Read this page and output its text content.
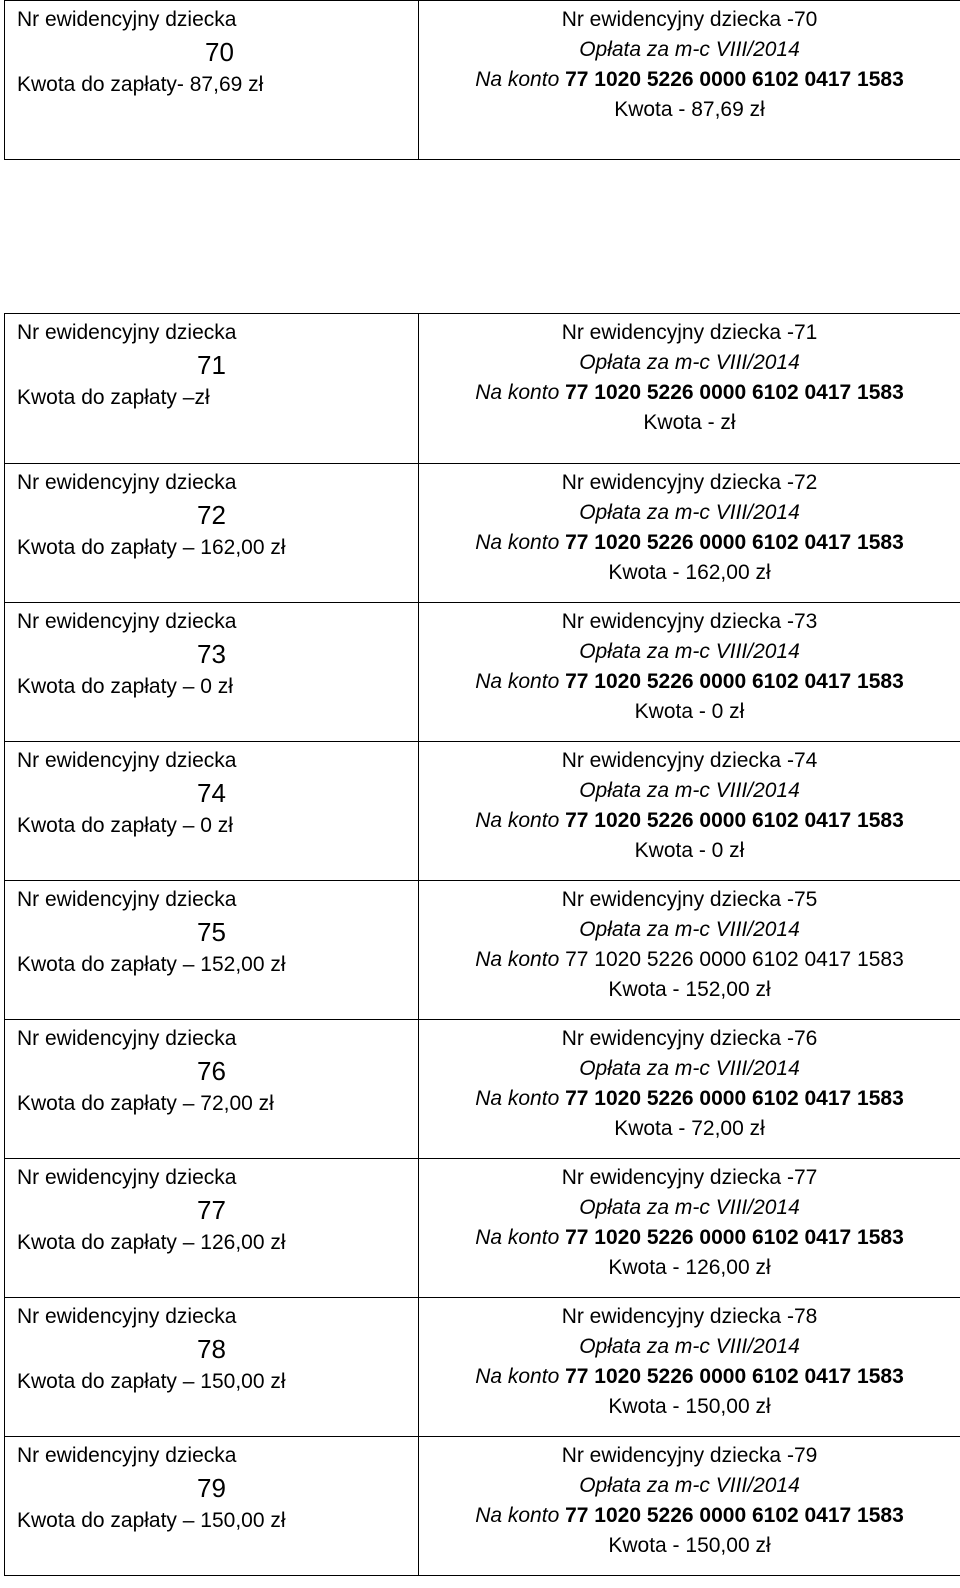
Nr ewidencyjny dziecka
70
Kwota do zapłaty- 87,69 zł

Nr ewidencyjny dziecka -70
Opłata za m-c VIII/2014
Na konto 77 1020 5226 0000 6102 0417 1583
Kwota - 87,69 zł
Nr ewidencyjny dziecka
71
Kwota do zapłaty –zł	Nr ewidencyjny dziecka -71
Opłata za m-c VIII/2014
Na konto 77 1020 5226 0000 6102 0417 1583
Kwota - zł

Nr ewidencyjny dziecka
72
Kwota do zapłaty – 162,00 zł	Nr ewidencyjny dziecka -72
Opłata za m-c VIII/2014
Na konto 77 1020 5226 0000 6102 0417 1583
Kwota - 162,00 zł

Nr ewidencyjny dziecka
73
Kwota do zapłaty – 0 zł	Nr ewidencyjny dziecka -73
Opłata za m-c VIII/2014
Na konto 77 1020 5226 0000 6102 0417 1583
Kwota - 0 zł

Nr ewidencyjny dziecka
74
Kwota do zapłaty – 0 zł	Nr ewidencyjny dziecka -74
Opłata za m-c VIII/2014
Na konto 77 1020 5226 0000 6102 0417 1583
Kwota - 0 zł

Nr ewidencyjny dziecka
75
Kwota do zapłaty – 152,00 zł	Nr ewidencyjny dziecka -75
Opłata za m-c VIII/2014
Na konto 77 1020 5226 0000 6102 0417 1583
Kwota - 152,00 zł

Nr ewidencyjny dziecka
76
Kwota do zapłaty – 72,00 zł	Nr ewidencyjny dziecka -76
Opłata za m-c VIII/2014
Na konto 77 1020 5226 0000 6102 0417 1583
Kwota - 72,00 zł

Nr ewidencyjny dziecka
77
Kwota do zapłaty – 126,00 zł	Nr ewidencyjny dziecka -77
Opłata za m-c VIII/2014
Na konto 77 1020 5226 0000 6102 0417 1583
Kwota - 126,00 zł

Nr ewidencyjny dziecka
78
Kwota do zapłaty – 150,00 zł	Nr ewidencyjny dziecka -78
Opłata za m-c VIII/2014
Na konto 77 1020 5226 0000 6102 0417 1583
Kwota - 150,00 zł

Nr ewidencyjny dziecka
79
Kwota do zapłaty – 150,00 zł	Nr ewidencyjny dziecka -79
Opłata za m-c VIII/2014
Na konto 77 1020 5226 0000 6102 0417 1583
Kwota - 150,00 zł
